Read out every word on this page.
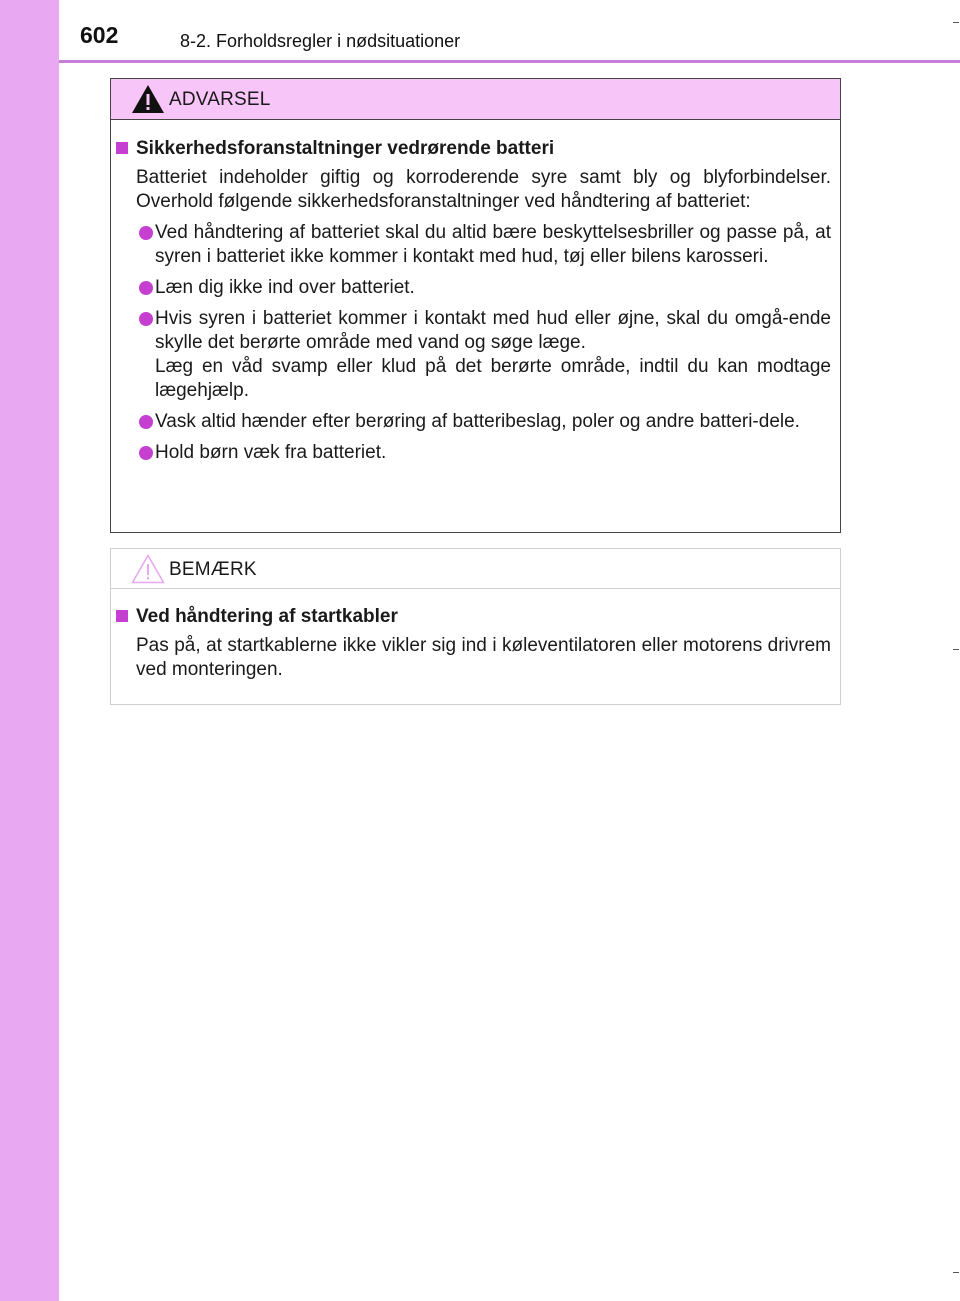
602	8-2. Forholdsregler i nødsituationer
ADVARSEL
Sikkerhedsforanstaltninger vedrørende batteri
Batteriet indeholder giftig og korroderende syre samt bly og blyforbindelser. Overhold følgende sikkerhedsforanstaltninger ved håndtering af batteriet:
Ved håndtering af batteriet skal du altid bære beskyttelsesbriller og passe på, at syren i batteriet ikke kommer i kontakt med hud, tøj eller bilens karosseri.
Læn dig ikke ind over batteriet.
Hvis syren i batteriet kommer i kontakt med hud eller øjne, skal du omgå-ende skylle det berørte område med vand og søge læge.
Læg en våd svamp eller klud på det berørte område, indtil du kan modtage lægehjælp.
Vask altid hænder efter berøring af batteribeslag, poler og andre batteri-dele.
Hold børn væk fra batteriet.
BEMÆRK
Ved håndtering af startkabler
Pas på, at startkablerne ikke vikler sig ind i køleventilatoren eller motorens drivrem ved monteringen.
